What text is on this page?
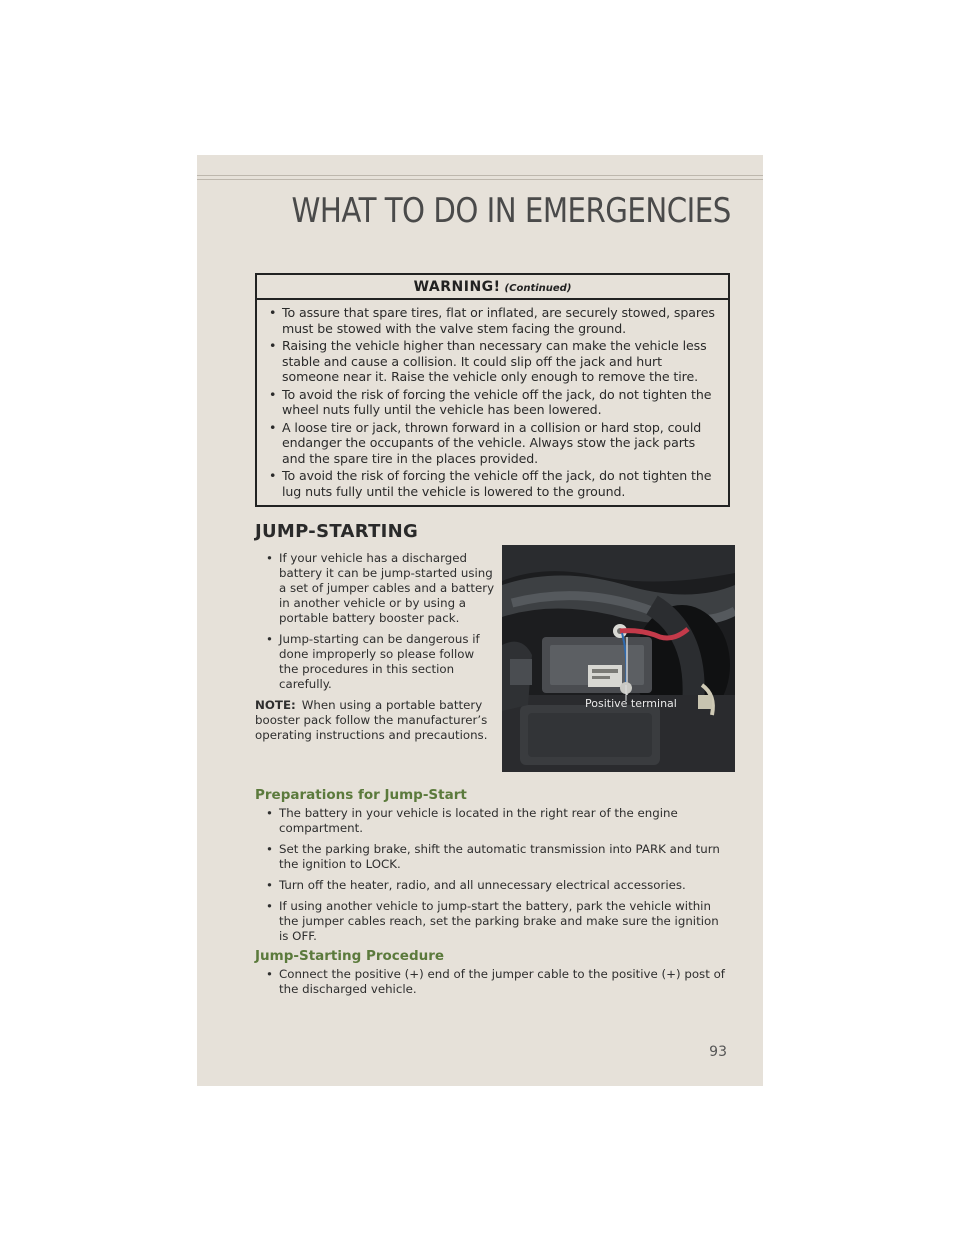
WHAT TO DO IN EMERGENCIES
WARNING! (Continued)
• To assure that spare tires, flat or inflated, are securely stowed, spares must be stowed with the valve stem facing the ground.
• Raising the vehicle higher than necessary can make the vehicle less stable and cause a collision. It could slip off the jack and hurt someone near it. Raise the vehicle only enough to remove the tire.
• To avoid the risk of forcing the vehicle off the jack, do not tighten the wheel nuts fully until the vehicle has been lowered.
• A loose tire or jack, thrown forward in a collision or hard stop, could endanger the occupants of the vehicle. Always stow the jack parts and the spare tire in the places provided.
• To avoid the risk of forcing the vehicle off the jack, do not tighten the lug nuts fully until the vehicle is lowered to the ground.
JUMP-STARTING
• If your vehicle has a discharged battery it can be jump-started using a set of jumper cables and a battery in another vehicle or by using a portable battery booster pack.
• Jump-starting can be dangerous if done improperly so please follow the procedures in this section carefully.

NOTE: When using a portable battery booster pack follow the manufacturer’s operating instructions and precautions.

Positive terminal
Preparations for Jump-Start
• The battery in your vehicle is located in the right rear of the engine compartment.
• Set the parking brake, shift the automatic transmission into PARK and turn the ignition to LOCK.
• Turn off the heater, radio, and all unnecessary electrical accessories.
• If using another vehicle to jump-start the battery, park the vehicle within the jumper cables reach, set the parking brake and make sure the ignition is OFF.
Jump-Starting Procedure
• Connect the positive (+) end of the jumper cable to the positive (+) post of the discharged vehicle.
93
